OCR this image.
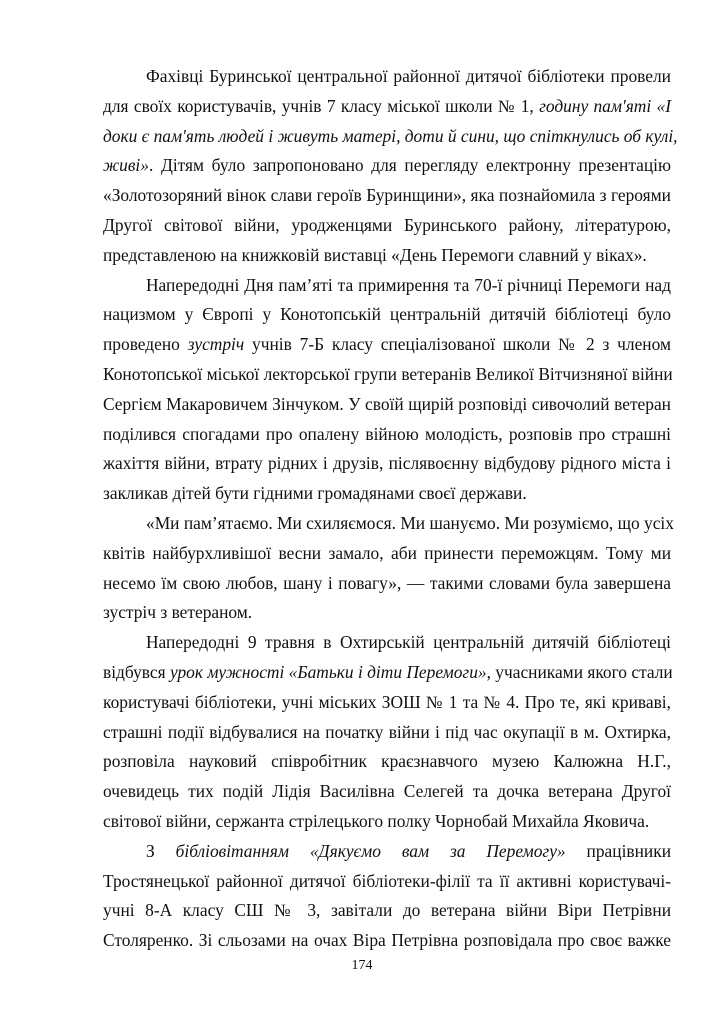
Фахівці Буринської центральної районної дитячої бібліотеки провели
для своїх користувачів, учнів 7 класу міської школи № 1, годину пам'яті «І
доки є пам'ять людей і живуть матері, доти й сини, що спіткнулись об кулі,
живі». Дітям було запропоновано для перегляду електронну презентацію
«Золотозоряний вінок слави героїв Буринщини», яка познайомила з героями
Другої світової війни, уродженцями Буринського району, літературою,
представленою на книжковій виставці «День Перемоги славний у віках».
Напередодні Дня пам’яті та примирення та 70-ї річниці Перемоги над
нацизмом у Європі у Конотопській центральній дитячій бібліотеці було
проведено зустріч учнів 7-Б класу спеціалізованої школи № 2 з членом
Конотопської міської лекторської групи ветеранів Великої Вітчизняної війни
Сергієм Макаровичем Зінчуком. У своїй щирій розповіді сивочолий ветеран
поділився спогадами про опалену війною молодість, розповів про страшні
жахіття війни, втрату рідних і друзів, післявоєнну відбудову рідного міста і
закликав дітей бути гідними громадянами своєї держави.
«Ми пам’ятаємо. Ми схиляємося. Ми шануємо. Ми розуміємо, що усіх
квітів найбурхливішої весни замало, аби принести переможцям. Тому ми
несемо їм свою любов, шану і повагу», — такими словами була завершена
зустріч з ветераном.
Напередодні 9 травня в Охтирській центральній дитячій бібліотеці
відбувся урок мужності «Батьки і діти Перемоги», учасниками якого стали
користувачі бібліотеки, учні міських ЗОШ № 1 та № 4. Про те, які криваві,
страшні події відбувалися на початку війни і під час окупації в м. Охтирка,
розповіла науковий співробітник краєзнавчого музею Калюжна Н.Г.,
очевидець тих подій Лідія Василівна Селегей та дочка ветерана Другої
світової війни, сержанта стрілецького полку Чорнобай Михайла Яковича.
З бібліовітанням «Дякуємо вам за Перемогу» працівники
Тростянецької районної дитячої бібліотеки-філії та її активні користувачі-
учні 8-А класу СШ № 3, завітали до ветерана війни Віри Петрівни
Столяренко. Зі сльозами на очах Віра Петрівна розповідала про своє важке
174
